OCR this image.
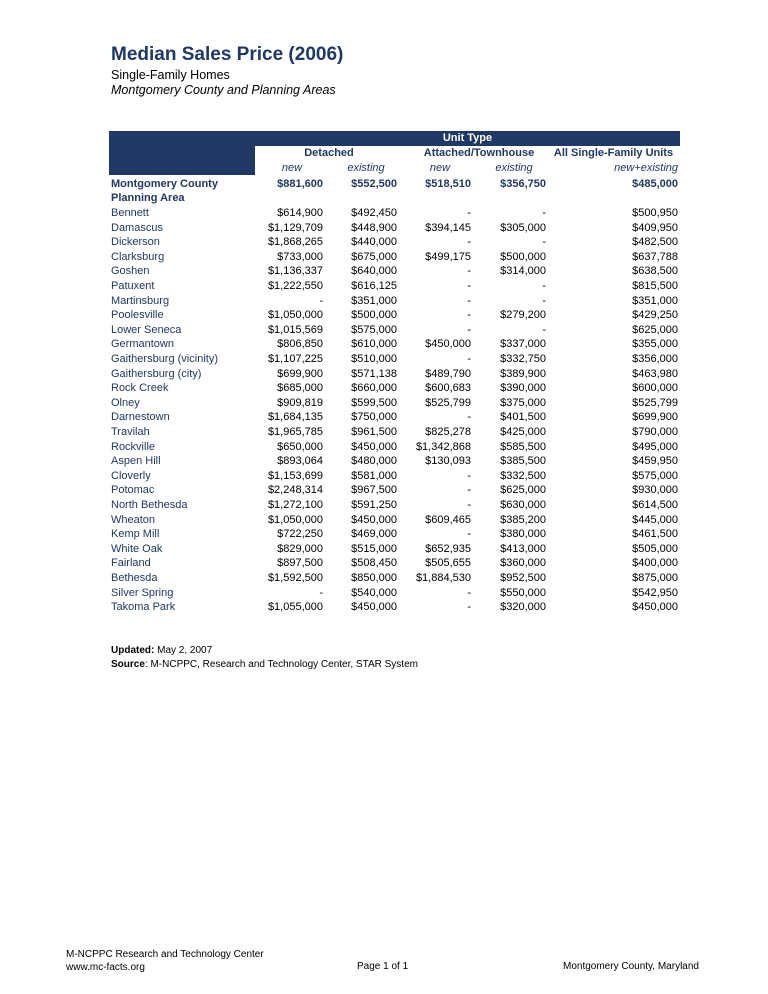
Median Sales Price (2006)
Single-Family Homes
Montgomery County and Planning Areas
Unit Type
Detached	Attached/Townhouse	All Single-Family Units
new	existing	new	existing	new+existing
Montgomery County	$881,600	$552,500	$518,510	$356,750	$485,000
Planning Area
Bennett	$614,900	$492,450	-	-	$500,950
Damascus	$1,129,709	$448,900	$394,145	$305,000	$409,950
Dickerson	$1,868,265	$440,000	-	-	$482,500
Clarksburg	$733,000	$675,000	$499,175	$500,000	$637,788
Goshen	$1,136,337	$640,000	-	$314,000	$638,500
Patuxent	$1,222,550	$616,125	-	-	$815,500
Martinsburg	-	$351,000	-	-	$351,000
Poolesville	$1,050,000	$500,000	-	$279,200	$429,250
Lower Seneca	$1,015,569	$575,000	-	-	$625,000
Germantown	$806,850	$610,000	$450,000	$337,000	$355,000
Gaithersburg (vicinity)	$1,107,225	$510,000	-	$332,750	$356,000
Gaithersburg (city)	$699,900	$571,138	$489,790	$389,900	$463,980
Rock Creek	$685,000	$660,000	$600,683	$390,000	$600,000
Olney	$909,819	$599,500	$525,799	$375,000	$525,799
Darnestown	$1,684,135	$750,000	-	$401,500	$699,900
Travilah	$1,965,785	$961,500	$825,278	$425,000	$790,000
Rockville	$650,000	$450,000 $1,342,868	$585,500	$495,000
Aspen Hill	$893,064	$480,000	$130,093	$385,500	$459,950
Cloverly	$1,153,699	$581,000	-	$332,500	$575,000
Potomac	$2,248,314	$967,500	-	$625,000	$930,000
North Bethesda	$1,272,100	$591,250	-	$630,000	$614,500
Wheaton	$1,050,000	$450,000	$609,465	$385,200	$445,000
Kemp Mill	$722,250	$469,000	-	$380,000	$461,500
White Oak	$829,000	$515,000	$652,935	$413,000	$505,000
Fairland	$897,500	$508,450	$505,655	$360,000	$400,000
Bethesda	$1,592,500	$850,000 $1,884,530	$952,500	$875,000
Silver Spring	-	$540,000	-	$550,000	$542,950
Takoma Park	$1,055,000	$450,000	-	$320,000	$450,000
Updated: May 2, 2007
Source: M-NCPPC, Research and Technology Center, STAR System
M-NCPPC Research and Technology Center
www.mc-facts.org	Page 1 of 1	Montgomery County, Maryland
